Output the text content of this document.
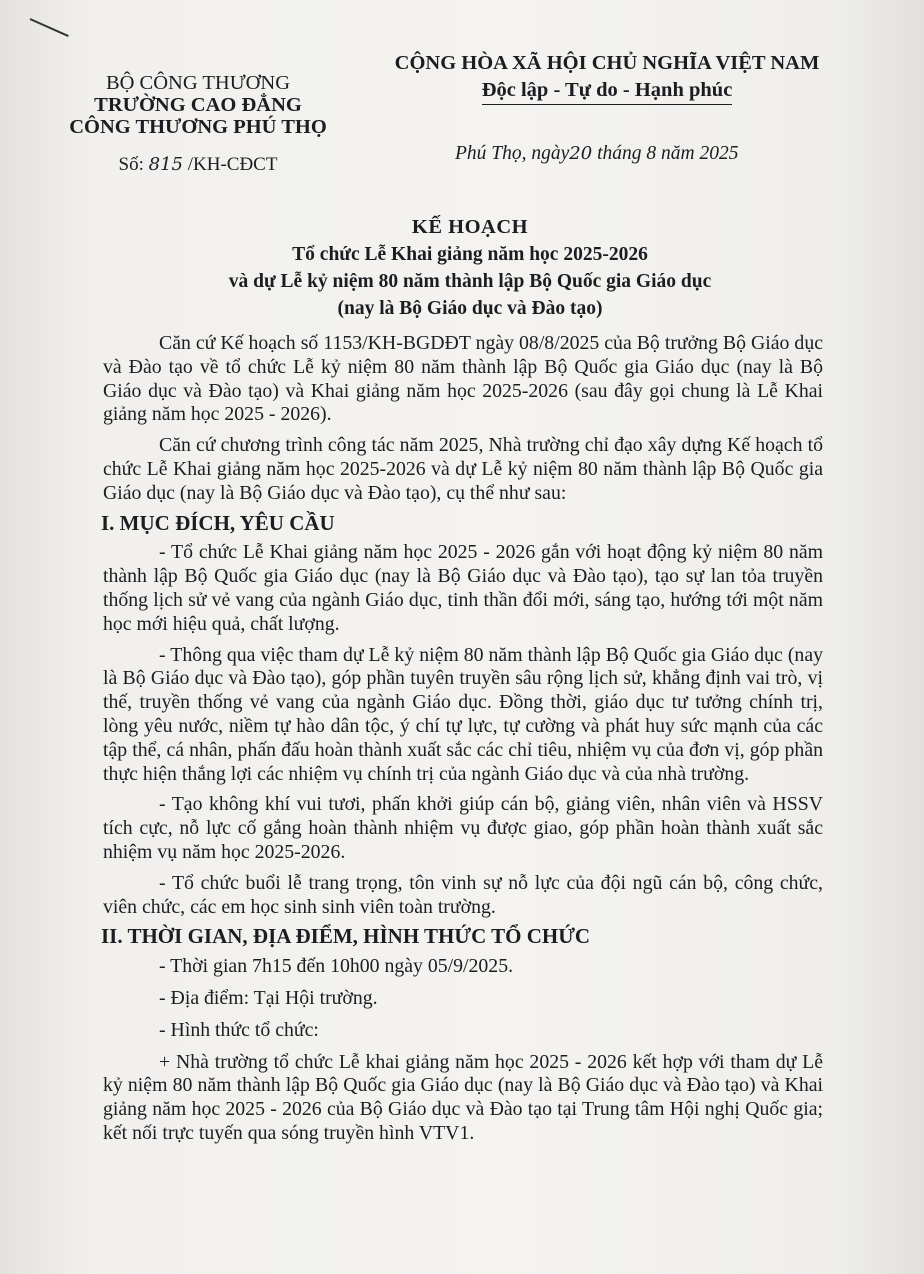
BỘ CÔNG THƯƠNG
TRƯỜNG CAO ĐẲNG
CÔNG THƯƠNG PHÚ THỌ
Số: 815 /KH-CĐCT
CỘNG HÒA XÃ HỘI CHỦ NGHĨA VIỆT NAM
Độc lập - Tự do - Hạnh phúc
Phú Thọ, ngày20 tháng 8 năm 2025
KẾ HOẠCH
Tổ chức Lễ Khai giảng năm học 2025-2026
và dự Lễ kỷ niệm 80 năm thành lập Bộ Quốc gia Giáo dục
(nay là Bộ Giáo dục và Đào tạo)

Căn cứ Kế hoạch số 1153/KH-BGDĐT ngày 08/8/2025 của Bộ trưởng Bộ Giáo dục và Đào tạo về tổ chức Lễ kỷ niệm 80 năm thành lập Bộ Quốc gia Giáo dục (nay là Bộ Giáo dục và Đào tạo) và Khai giảng năm học 2025-2026 (sau đây gọi chung là Lễ Khai giảng năm học 2025 - 2026).

Căn cứ chương trình công tác năm 2025, Nhà trường chỉ đạo xây dựng Kế hoạch tổ chức Lễ Khai giảng năm học 2025-2026 và dự Lễ kỷ niệm 80 năm thành lập Bộ Quốc gia Giáo dục (nay là Bộ Giáo dục và Đào tạo), cụ thể như sau:

I. MỤC ĐÍCH, YÊU CẦU

- Tổ chức Lễ Khai giảng năm học 2025 - 2026 gắn với hoạt động kỷ niệm 80 năm thành lập Bộ Quốc gia Giáo dục (nay là Bộ Giáo dục và Đào tạo), tạo sự lan tỏa truyền thống lịch sử vẻ vang của ngành Giáo dục, tinh thần đổi mới, sáng tạo, hướng tới một năm học mới hiệu quả, chất lượng.

- Thông qua việc tham dự Lễ kỷ niệm 80 năm thành lập Bộ Quốc gia Giáo dục (nay là Bộ Giáo dục và Đào tạo), góp phần tuyên truyền sâu rộng lịch sử, khẳng định vai trò, vị thế, truyền thống vẻ vang của ngành Giáo dục. Đồng thời, giáo dục tư tưởng chính trị, lòng yêu nước, niềm tự hào dân tộc, ý chí tự lực, tự cường và phát huy sức mạnh của các tập thể, cá nhân, phấn đấu hoàn thành xuất sắc các chỉ tiêu, nhiệm vụ của đơn vị, góp phần thực hiện thắng lợi các nhiệm vụ chính trị của ngành Giáo dục và của nhà trường.

- Tạo không khí vui tươi, phấn khởi giúp cán bộ, giảng viên, nhân viên và HSSV tích cực, nỗ lực cố gắng hoàn thành nhiệm vụ được giao, góp phần hoàn thành xuất sắc nhiệm vụ năm học 2025-2026.

- Tổ chức buổi lễ trang trọng, tôn vinh sự nỗ lực của đội ngũ cán bộ, công chức, viên chức, các em học sinh sinh viên toàn trường.

II. THỜI GIAN, ĐỊA ĐIỂM, HÌNH THỨC TỔ CHỨC

- Thời gian 7h15 đến 10h00 ngày 05/9/2025.

- Địa điểm: Tại Hội trường.

- Hình thức tổ chức:

+ Nhà trường tổ chức Lễ khai giảng năm học 2025 - 2026 kết hợp với tham dự Lễ kỷ niệm 80 năm thành lập Bộ Quốc gia Giáo dục (nay là Bộ Giáo dục và Đào tạo) và Khai giảng năm học 2025 - 2026 của Bộ Giáo dục và Đào tạo tại Trung tâm Hội nghị Quốc gia; kết nối trực tuyến qua sóng truyền hình VTV1.
